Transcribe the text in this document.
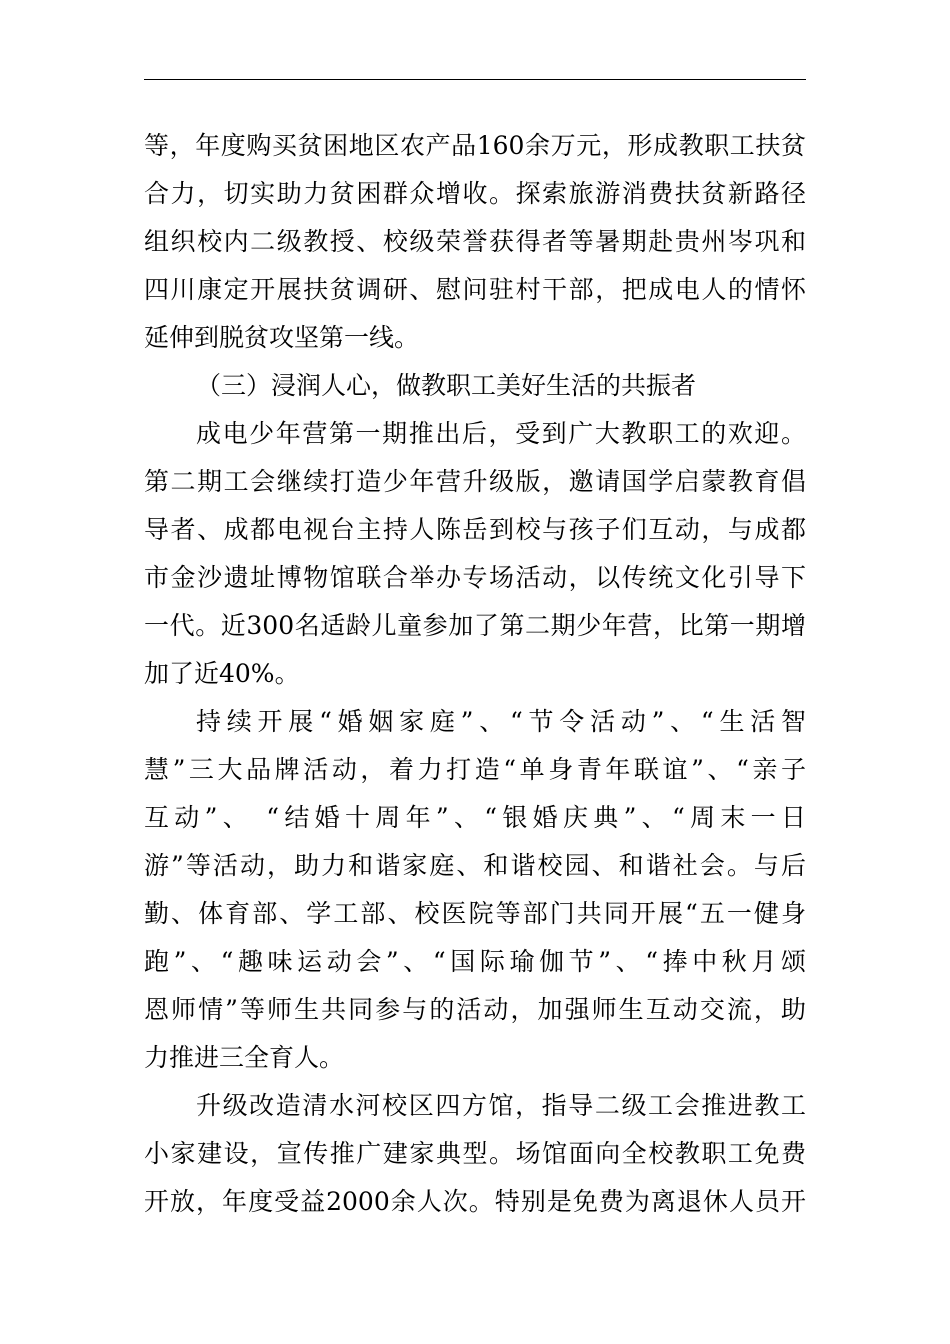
等，年度购买贫困地区农产品160余万元，形成教职工扶贫
合力，切实助力贫困群众增收。探索旅游消费扶贫新路径
组织校内二级教授、校级荣誉获得者等暑期赴贵州岑巩和
四川康定开展扶贫调研、慰问驻村干部，把成电人的情怀
延伸到脱贫攻坚第一线。
（三）浸润人心，做教职工美好生活的共振者
成电少年营第一期推出后，受到广大教职工的欢迎。
第二期工会继续打造少年营升级版，邀请国学启蒙教育倡
导者、成都电视台主持人陈岳到校与孩子们互动，与成都
市金沙遗址博物馆联合举办专场活动，以传统文化引导下
一代。近300名适龄儿童参加了第二期少年营，比第一期增
加了近40%。
持续开展“婚姻家庭”、“节令活动”、“生活智
慧”三大品牌活动，着力打造“单身青年联谊”、“亲子
互动”、 “结婚十周年”、“银婚庆典”、“周末一日
游”等活动，助力和谐家庭、和谐校园、和谐社会。与后
勤、体育部、学工部、校医院等部门共同开展“五一健身
跑”、“趣味运动会”、“国际瑜伽节”、“捧中秋月颂
恩师情”等师生共同参与的活动，加强师生互动交流，助
力推进三全育人。
升级改造清水河校区四方馆，指导二级工会推进教工
小家建设，宣传推广建家典型。场馆面向全校教职工免费
开放，年度受益2000余人次。特别是免费为离退休人员开
